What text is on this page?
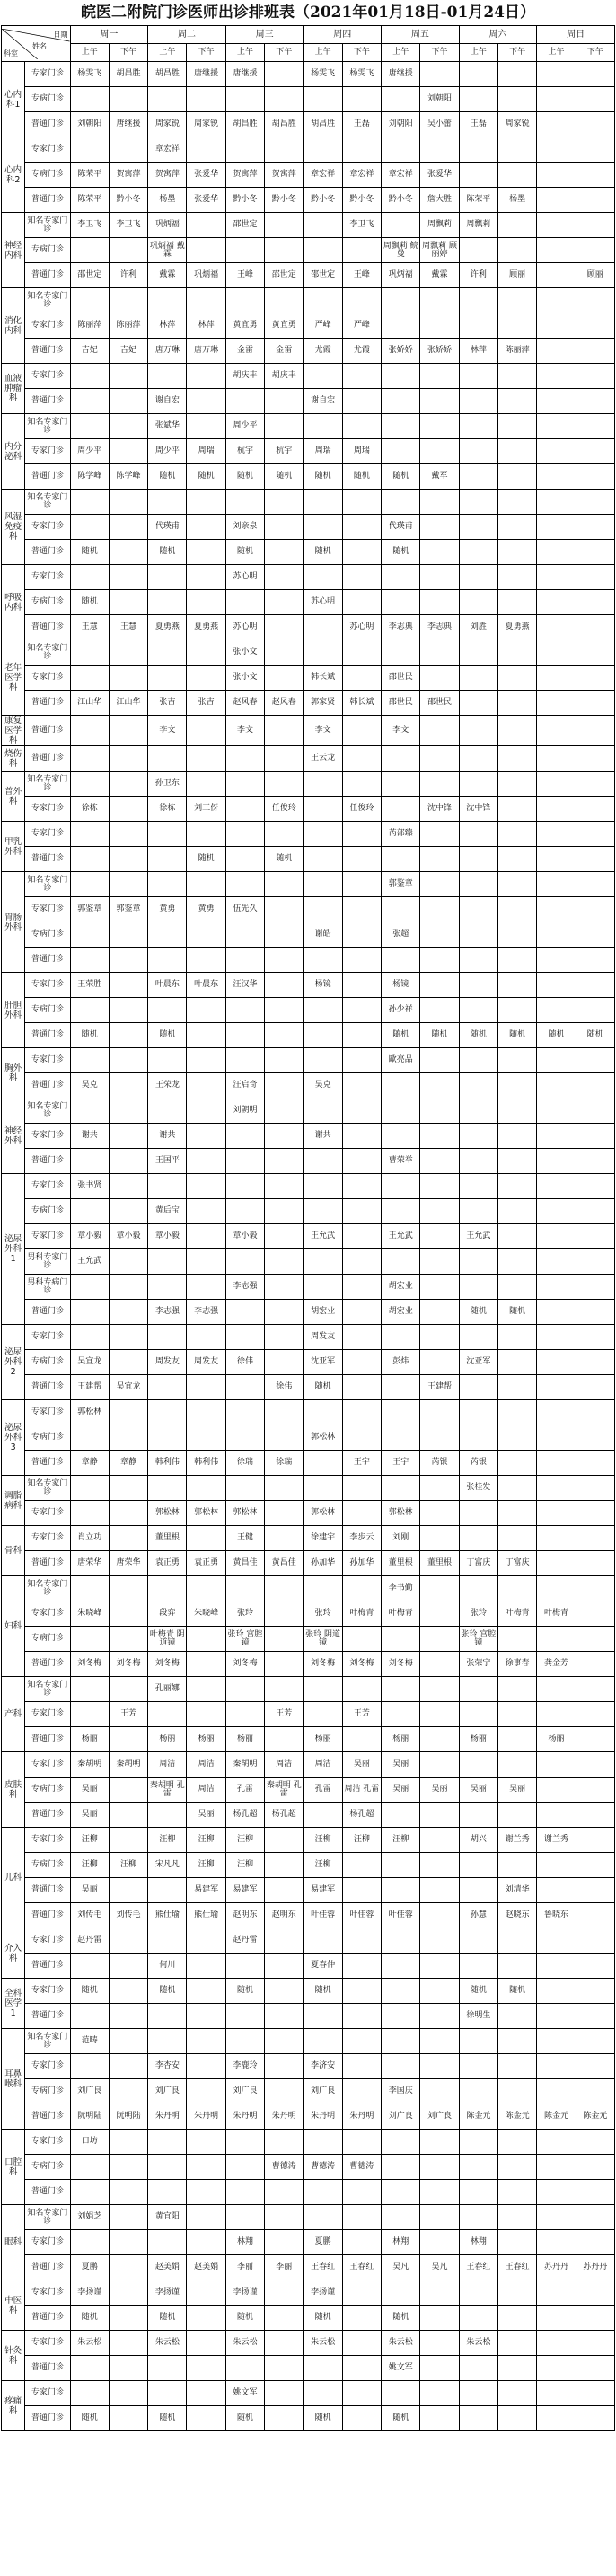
皖医二附院门诊医师出诊排班表（2021年01月18日-01月24日）
日期
姓名
科室		周一		周二		周三		周四		周五		周六		周日	
		上午	下午	上午	下午	上午	下午	上午	下午	上午	下午	上午	下午	上午	下午
心内科1	专家门诊	杨雯飞	胡昌胜	胡昌胜	唐继援	唐继援		杨雯飞	杨雯飞	唐继援					
	专病门诊										刘朝阳				
	普通门诊	刘朝阳	唐继援	周家锐	周家锐	胡昌胜	胡昌胜	胡昌胜	王磊	刘朝阳	吴小蕾	王磊	周家锐		
心内科2	专家门诊			章宏祥											
	专病门诊	陈荣平	贺寓萍	贺寓萍	张爱华	贺寓萍	贺寓萍	章宏祥	章宏祥	章宏祥	张爱华				
	普通门诊	陈荣平	黔小冬	杨墨	张爱华	黔小冬	黔小冬	黔小冬	黔小冬	黔小冬	詹大胜	陈荣平	杨墨		
神经内科	知名专家门诊	李卫飞	李卫飞	巩炳福		邵世定			李卫飞		周飘莉	周飘莉			
	专病门诊			巩炳福 戴霖						周飘莉 鲩曼	周飘莉 顾丽婷				
	普通门诊	邵世定	许利	戴霖	巩炳福	王峰	邵世定	邵世定	王峰	巩炳福	戴霖	许利	顾丽		顾丽
消化内科	知名专家门诊														
	专家门诊	陈丽萍	陈丽萍	林萍	林萍	黄宜勇	黄宜勇	严峰	严峰						
	普通门诊	吉妃	吉妃	唐万琳	唐万琳	金雷	金雷	尤霞	尤霞	张娇娇	张娇娇	林萍	陈丽萍		
血液肿瘤科	专家门诊					胡庆丰	胡庆丰								
	普通门诊			谢自宏				谢自宏							
内分泌科	知名专家门诊			张斌华		周少平									
	专家门诊	周少平		周少平	周瑞	杭宇	杭宇	周瑞	周瑞						
	普通门诊	陈学峰	陈学峰	随机	随机	随机	随机	随机	随机	随机	戴军				
风湿免疫科	知名专家门诊														
	专家门诊			代瑛甫		刘亲泉				代瑛甫					
	普通门诊	随机		随机		随机		随机		随机					
呼吸内科	专家门诊					苏心明									
	专病门诊	随机						苏心明							
	普通门诊	王慧	王慧	夏勇燕	夏勇燕	苏心明			苏心明	李志典	李志典	刘胜	夏勇燕		
老年医学科	知名专家门诊					张小文									
	专家门诊					张小文		韩长斌		邵世民					
	普通门诊	江山华	江山华	张吉	张吉	赵风春	赵风春	郭家贤	韩长斌	邵世民	邵世民				
康复医学科	普通门诊			李文		李文		李文		李文					
烧伤科	普通门诊							王云龙							
普外科	知名专家门诊			孙卫东											
	专家门诊	徐栋		徐栋	刘三伢		任俊玲		任俊玲		沈中锋	沈中锋			
甲乳外科	专家门诊									芮部臻					
	普通门诊				随机		随机								
胃肠外科	知名专家门诊									郭鉴章					
	专家门诊	郭鉴章	郭鉴章	黄勇	黄勇	伍先久									
	专病门诊							谢皓		张超					
	普通门诊														
肝胆外科	专家门诊	王荣胜		叶晨东	叶晨东	汪汉华		杨镜		杨镜					
	专病门诊									孙少祥					
	普通门诊	随机		随机						随机	随机	随机	随机	随机	随机
胸外科	专家门诊									歐亮品					
	普通门诊	吴克		王荣龙		汪启奇		吴克							
神经外科	知名专家门诊					刘朝明									
	专家门诊	谢共		谢共				谢共							
	普通门诊			王国平						曹荣举					
泌尿外科1	专家门诊	张书贤													
	专病门诊			黄后宝											
	专家门诊	章小毅	章小毅	章小毅		章小毅		王允武		王允武		王允武			
	男科专家门诊	王允武													
	男科专病门诊					李志强				胡宏业					
	普通门诊			李志强	李志强			胡宏业		胡宏业		随机	随机		
泌尿外科2	专家门诊							周发友							
	专病门诊	吴宜龙		周发友	周发友	徐伟		沈亚军		彭炜		沈亚军			
	普通门诊	王建帮	吴宜龙				徐伟	随机			王建帮				
泌尿外科3	专家门诊	郭松林													
	专病门诊							郭松林							
	普通门诊	章静	章静	韩利伟	韩利伟	徐瑞	徐瑞		王宇	王宇	芮银	芮银			
调脂病科	知名专家门诊											张桂发			
	专家门诊			郭松林	郭松林	郭松林		郭松林		郭松林					
骨科	专家门诊	肖立功		董里根		王健		徐建宇	李步云	刘刚					
	普通门诊	唐荣华	唐荣华	袁正勇	袁正勇	黄昌佳	黄昌佳	孙加华	孙加华	董里根	董里根	丁富庆	丁富庆		
妇科	知名专家门诊									李书勤					
	专家门诊	朱晓峰		段弈	朱晓峰	张玲		张玲	叶梅青	叶梅青		张玲	叶梅青	叶梅青	
	专病门诊			叶梅青 阴道镜		张玲 宫腔镜		张玲 阴道镜				张玲 宫腔镜			
	普通门诊	刘冬梅	刘冬梅	刘冬梅		刘冬梅		刘冬梅	刘冬梅	刘冬梅		张荣宁	徐事春	龚金芳	
产科	知名专家门诊			孔丽娜											
	专家门诊		王芳				王芳		王芳						
	普通门诊	杨丽		杨丽	杨丽	杨丽		杨丽		杨丽		杨丽		杨丽	
皮肤科	专家门诊	秦胡明	秦胡明	周洁	周洁	秦胡明	周洁	周洁	吴丽	吴丽					
	专病门诊	吴丽		秦胡明 孔雷	周洁	孔雷	秦胡明 孔雷	孔雷	周洁 孔雷	吴丽	吴丽	吴丽	吴丽		
	普通门诊	吴丽			吴丽	杨孔超	杨孔超		杨孔超						
儿科	专家门诊	汪柳		汪柳	汪柳	汪柳		汪柳	汪柳	汪柳		胡兴	谢兰秀	谢兰秀	
	专病门诊	汪柳	汪柳	宋凡凡	汪柳	汪柳		汪柳							
	普通门诊	吴丽			易建军	易建军		易建军					刘清华		
	普通门诊	刘传毛	刘传毛	熊仕瑜	熊仕瑜	赵明东	赵明东	叶佳蓉	叶佳蓉	叶佳蓉		孙慧	赵晓东	鲁晓东	
介入科	专家门诊	赵丹雷				赵丹雷									
	普通门诊			何川				夏春仲							
全科医学1	专家门诊	随机		随机		随机		随机				随机	随机		
	普通门诊											徐明生			
耳鼻喉科	知名专家门诊	范畴													
	专家门诊			李杏安		李鹿玲		李济安							
	专病门诊	刘广良		刘广良		刘广良		刘广良		李国庆					
	普通门诊	阮明陆	阮明陆	朱丹明	朱丹明	朱丹明	朱丹明	朱丹明	朱丹明	刘广良	刘广良	陈金元	陈金元	陈金元	陈金元
口腔科	专家门诊	口坊													
	专病门诊						曹德涛	曹德涛	曹德涛						
	普通门诊														
眼科	知名专家门诊	刘娟芝		黄宜阳											
	专家门诊					林翔		夏鹏		林翔		林翔			
	普通门诊	夏鹏		赵美娟	赵美娟	李丽	李丽	王春红	王春红	吴凡	吴凡	王春红	王春红	苏丹丹	苏丹丹
中医科	专家门诊	李扬谨		李扬谨		李扬谨		李扬谨							
	普通门诊	随机		随机		随机		随机		随机					
针灸科	专家门诊	朱云松		朱云松		朱云松		朱云松		朱云松		朱云松			
	普通门诊									姚文军					
疼痛科	专家门诊					姚文军									
	普通门诊	随机		随机		随机		随机		随机					
